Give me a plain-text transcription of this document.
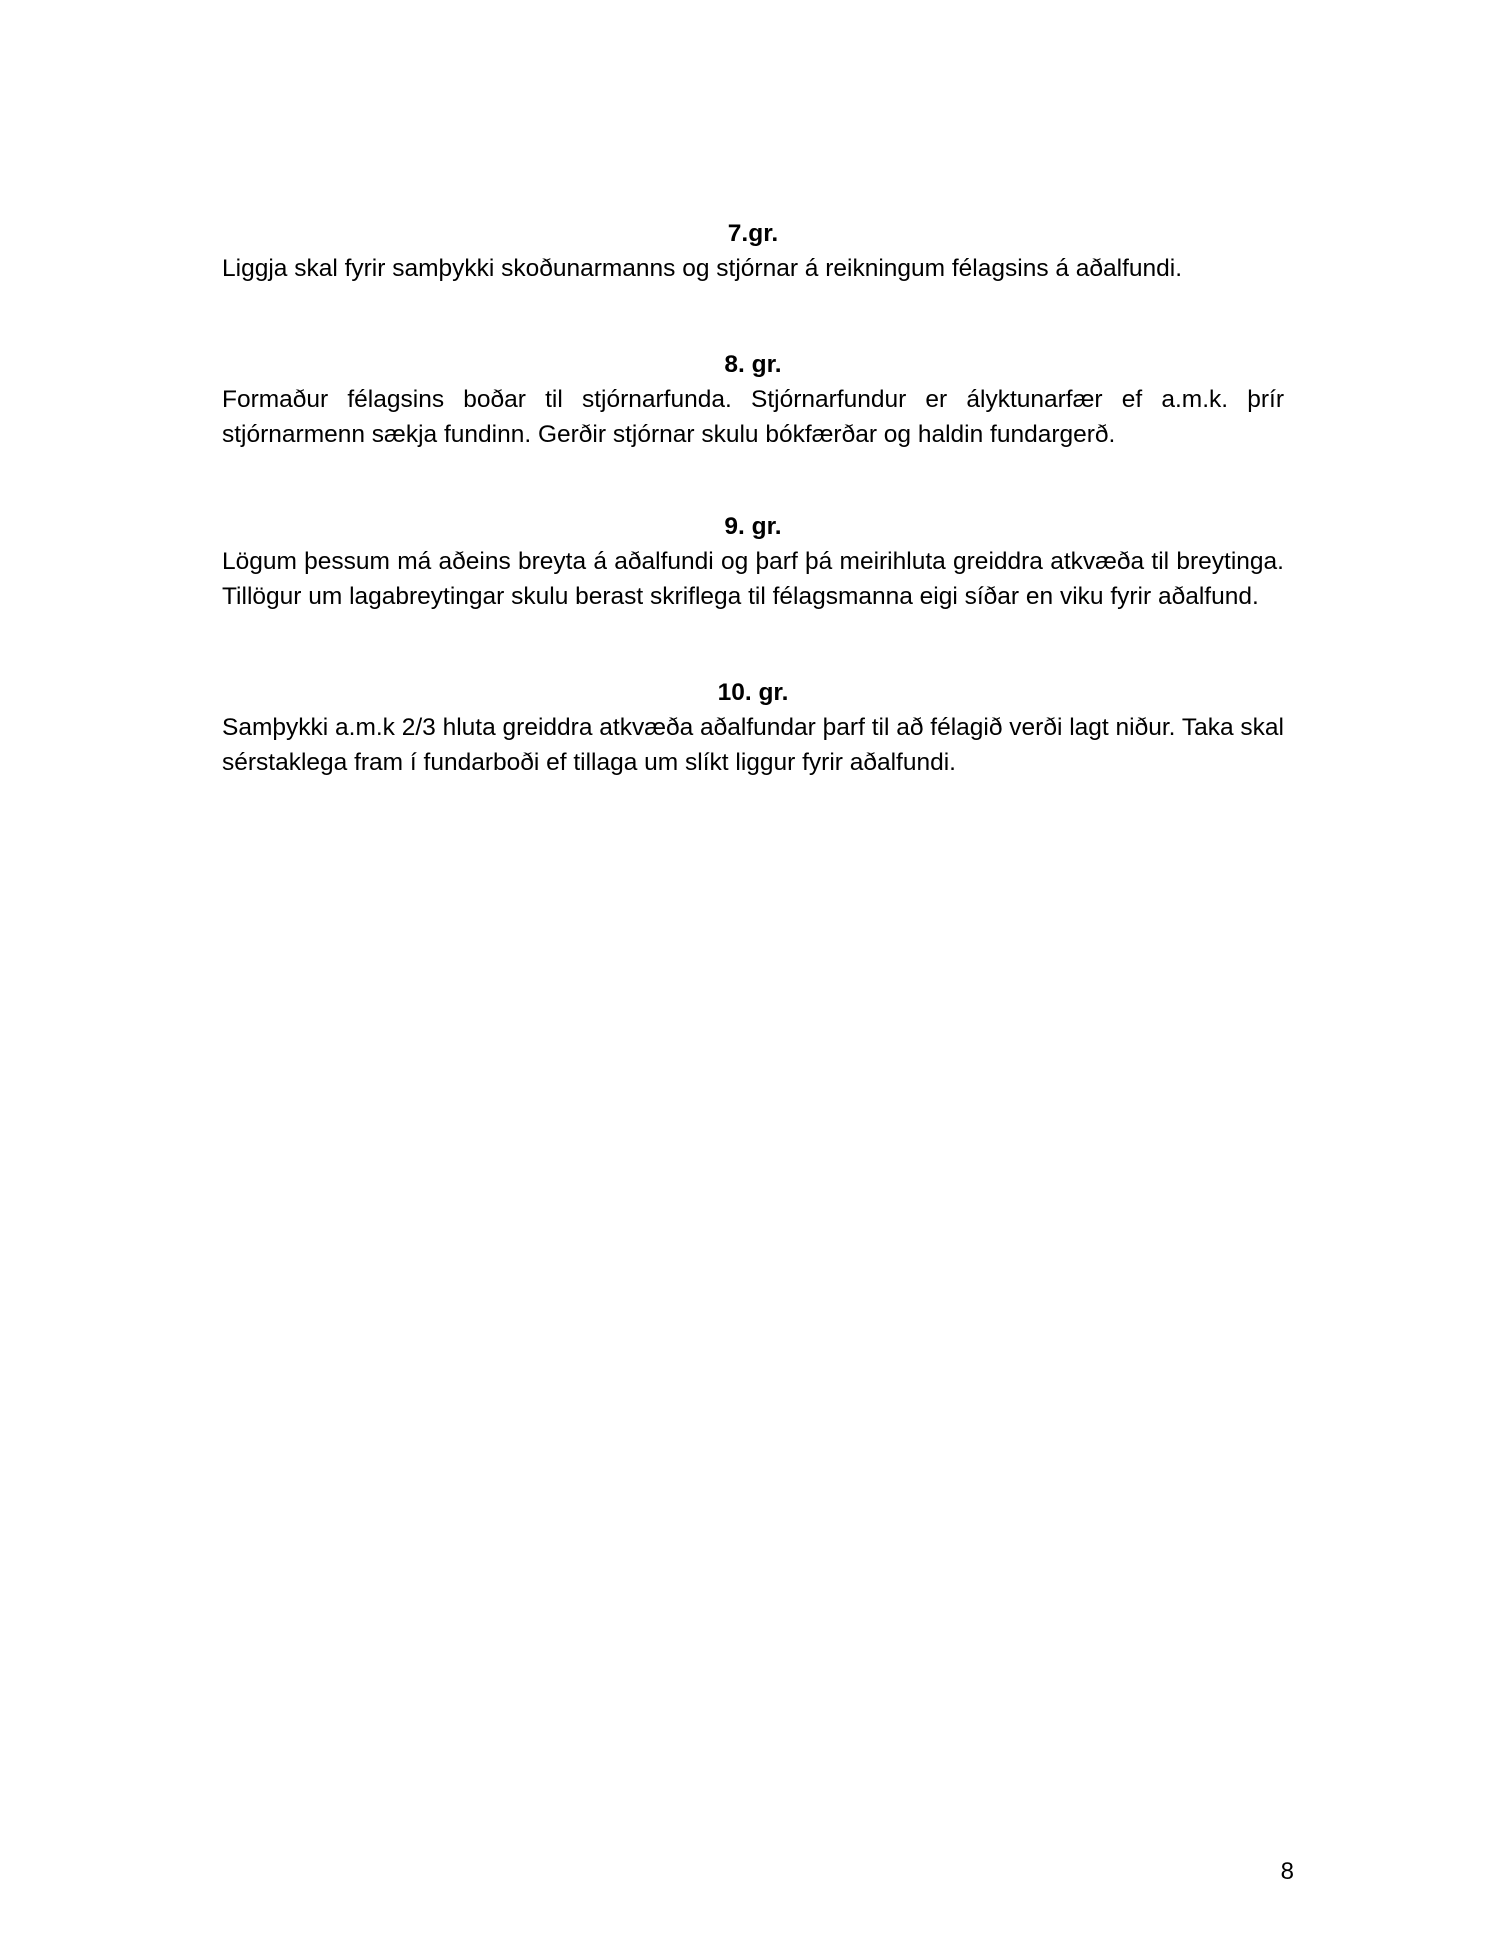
7.gr.

Liggja skal fyrir samþykki skoðunarmanns og stjórnar á reikningum félagsins á aðalfundi.

8. gr.

Formaður félagsins boðar til stjórnarfunda. Stjórnarfundur er ályktunarfær ef a.m.k. þrír stjórnarmenn sækja fundinn. Gerðir stjórnar skulu bókfærðar og haldin fundargerð.

9. gr.

Lögum þessum má aðeins breyta á aðalfundi og þarf þá meirihluta greiddra atkvæða til breytinga. Tillögur um lagabreytingar skulu berast skriflega til félagsmanna eigi síðar en viku fyrir aðalfund.

10. gr.

Samþykki a.m.k 2/3 hluta greiddra atkvæða aðalfundar þarf til að félagið verði lagt niður. Taka skal sérstaklega fram í fundarboði ef tillaga um slíkt liggur fyrir aðalfundi.

8
